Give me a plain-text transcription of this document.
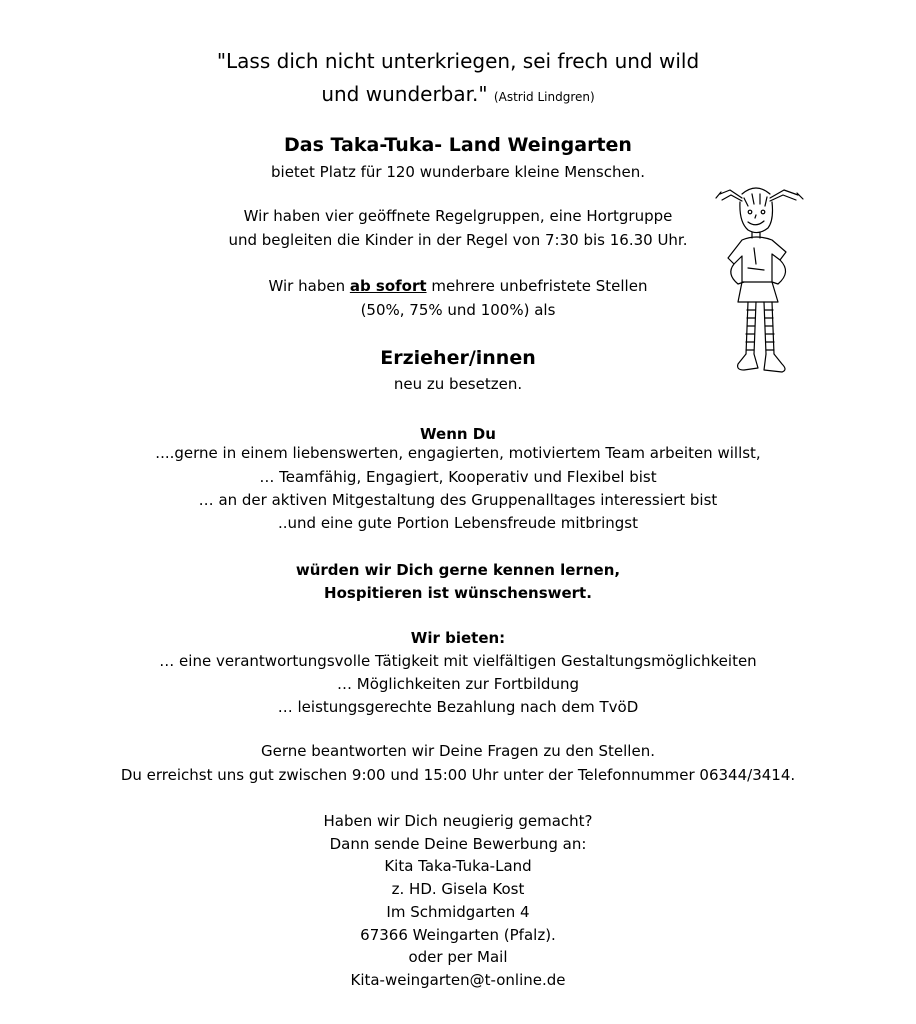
"Lass dich nicht unterkriegen, sei frech und wild
und wunderbar." (Astrid Lindgren)
Das Taka-Tuka- Land Weingarten
bietet Platz für 120 wunderbare kleine Menschen.
Wir haben vier geöffnete Regelgruppen, eine Hortgruppe
und begleiten die Kinder in der Regel von 7:30 bis 16.30 Uhr.
Wir haben ab sofort mehrere unbefristete Stellen
(50%, 75% und 100%) als
Erzieher/innen
neu zu besetzen.
Wenn Du
....gerne in einem liebenswerten, engagierten, motiviertem Team arbeiten willst,
… Teamfähig, Engagiert, Kooperativ und Flexibel bist
… an der aktiven Mitgestaltung des Gruppenalltages interessiert bist
..und eine gute Portion Lebensfreude mitbringst
würden wir Dich gerne kennen lernen,
Hospitieren ist wünschenswert.
Wir bieten:
… eine verantwortungsvolle Tätigkeit mit vielfältigen Gestaltungsmöglichkeiten
… Möglichkeiten zur Fortbildung
… leistungsgerechte Bezahlung nach dem TvöD
Gerne beantworten wir Deine Fragen zu den Stellen.
Du erreichst uns gut zwischen 9:00 und 15:00 Uhr unter der Telefonnummer 06344/3414.
Haben wir Dich neugierig gemacht?
Dann sende Deine Bewerbung an:
Kita Taka-Tuka-Land
z. HD. Gisela Kost
Im Schmidgarten 4
67366 Weingarten (Pfalz).
oder per Mail
Kita-weingarten@t-online.de
